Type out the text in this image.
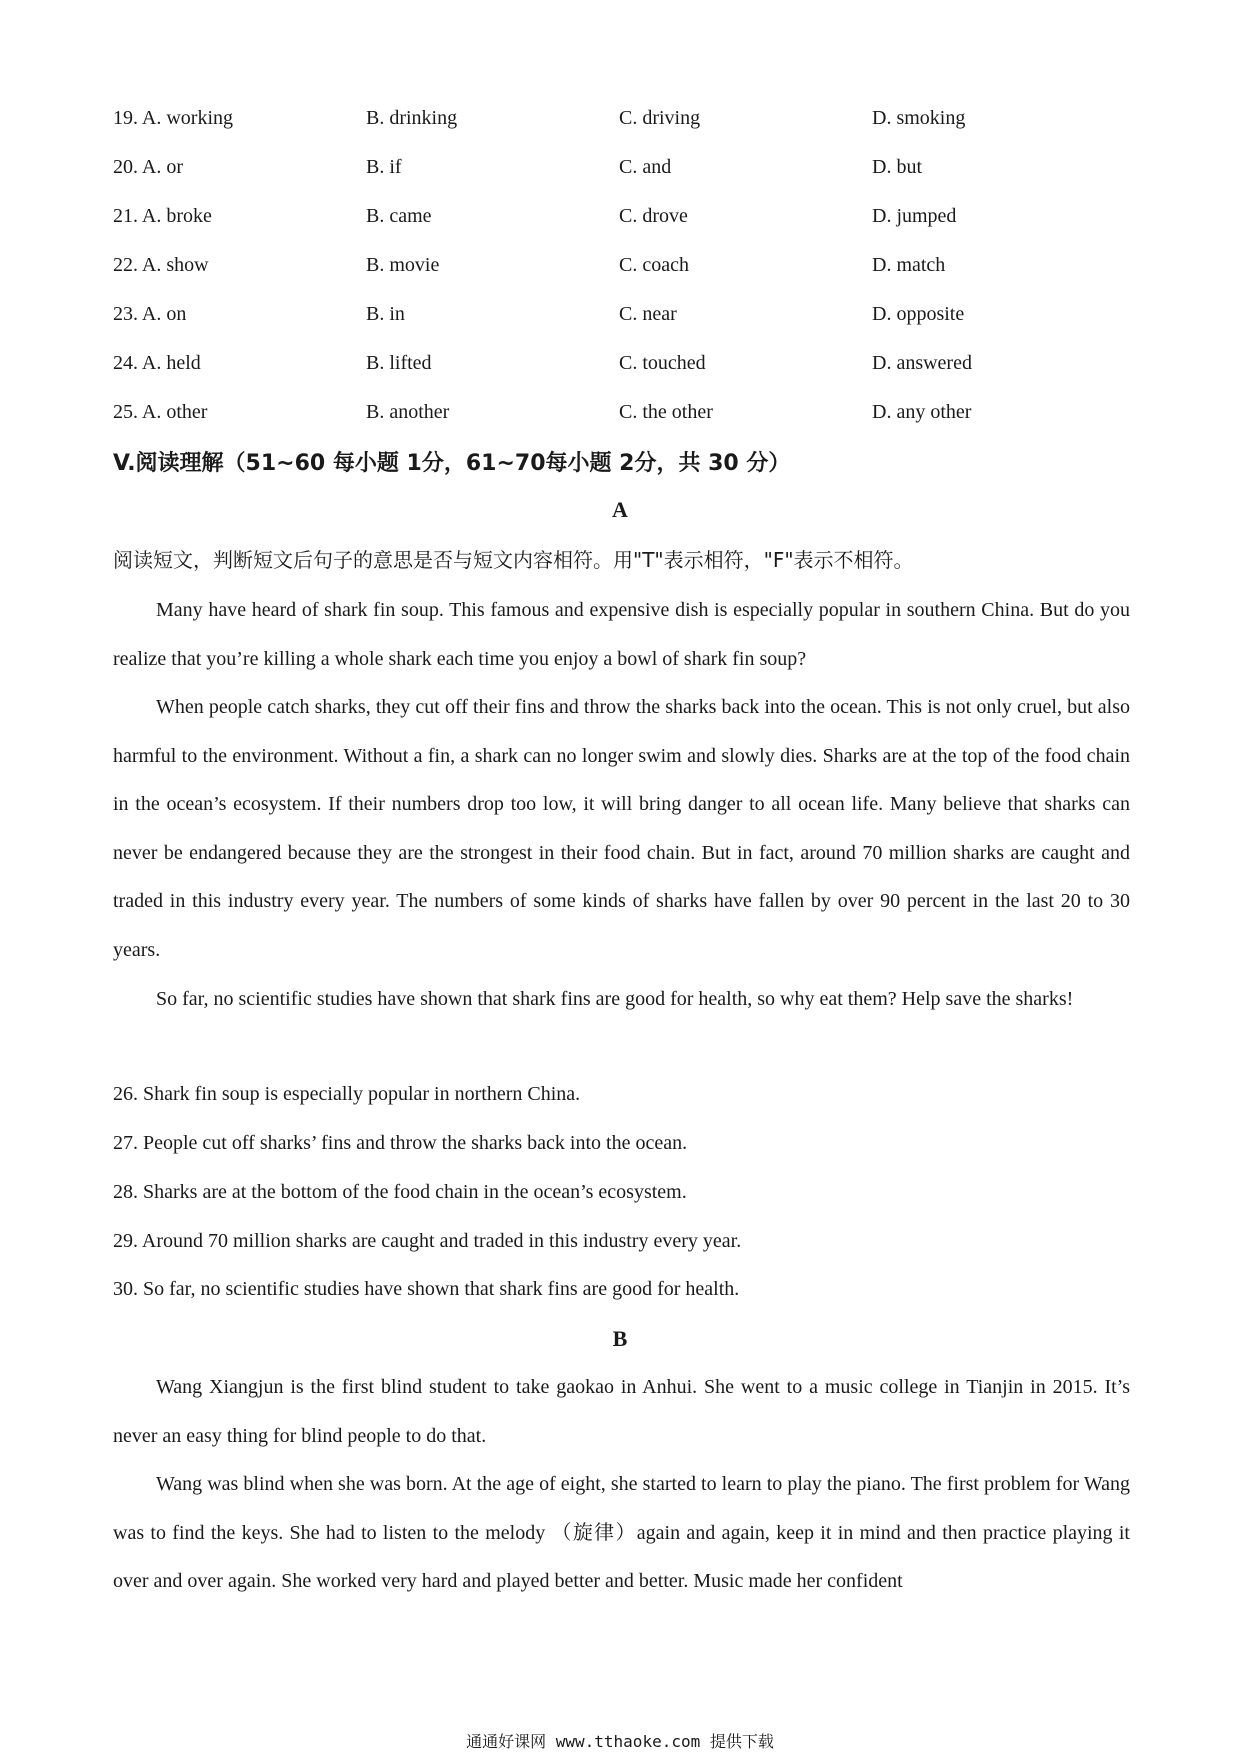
19. A. working	B. drinking	C. driving	D. smoking
20. A. or	B. if	C. and	D. but
21. A. broke	B. came	C. drove	D. jumped
22. A. show	B. movie	C. coach	D. match
23. A. on	B. in	C. near	D. opposite
24. A. held	B. lifted	C. touched	D. answered
25. A. other	B. another	C. the other	D. any other
V.阅读理解（51~60 每小题 1分，61~70每小题 2分，共 30 分）
A
阅读短文，判断短文后句子的意思是否与短文内容相符。用"T"表示相符，"F"表示不相符。

Many have heard of shark fin soup. This famous and expensive dish is especially popular in southern China. But do you realize that you’re killing a whole shark each time you enjoy a bowl of shark fin soup?

When people catch sharks, they cut off their fins and throw the sharks back into the ocean. This is not only cruel, but also harmful to the environment. Without a fin, a shark can no longer swim and slowly dies. Sharks are at the top of the food chain in the ocean’s ecosystem. If their numbers drop too low, it will bring danger to all ocean life. Many believe that sharks can never be endangered because they are the strongest in their food chain. But in fact, around 70 million sharks are caught and traded in this industry every year. The numbers of some kinds of sharks have fallen by over 90 percent in the last 20 to 30 years.

So far, no scientific studies have shown that shark fins are good for health, so why eat them? Help save the sharks!

26. Shark fin soup is especially popular in northern China.
27. People cut off sharks’ fins and throw the sharks back into the ocean.
28. Sharks are at the bottom of the food chain in the ocean’s ecosystem.
29. Around 70 million sharks are caught and traded in this industry every year.
30. So far, no scientific studies have shown that shark fins are good for health.
B

Wang Xiangjun is the first blind student to take gaokao in Anhui. She went to a music college in Tianjin in 2015. It’s never an easy thing for blind people to do that.

Wang was blind when she was born. At the age of eight, she started to learn to play the piano. The first problem for Wang was to find the keys. She had to listen to the melody （旋律）again and again, keep it in mind and then practice playing it over and over again. She worked very hard and played better and better. Music made her confident

通通好课网 www.tthaoke.com 提供下载
